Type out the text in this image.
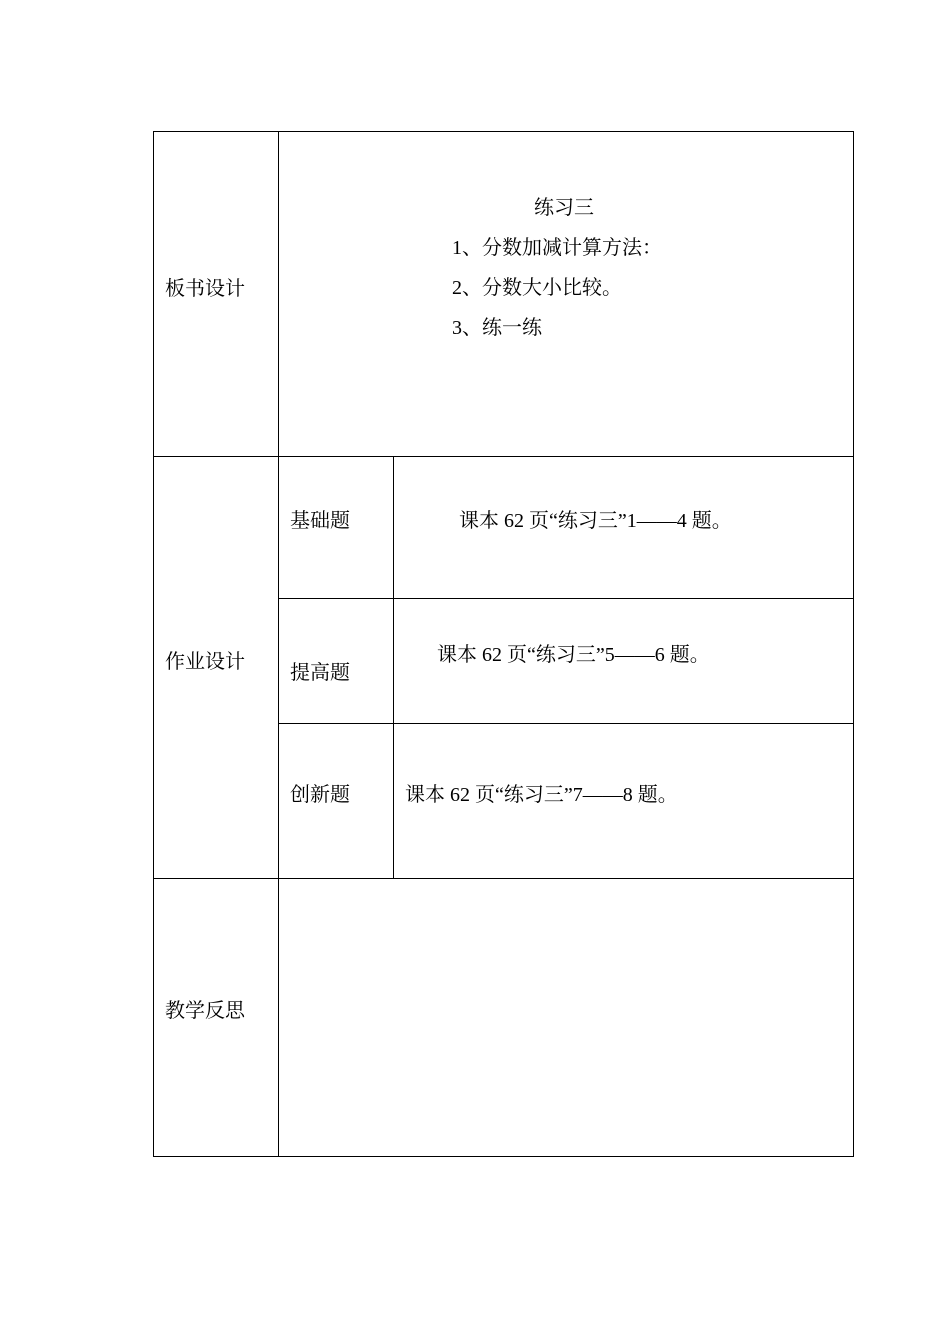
板书设计
练习三
1、分数加减计算方法：
2、分数大小比较。
3、练一练
作业设计
基础题	课本 62 页“练习三”1——4 题。
提高题
课本 62 页“练习三”5——6 题。
创新题	课本 62 页“练习三”7——8 题。
教学反思
